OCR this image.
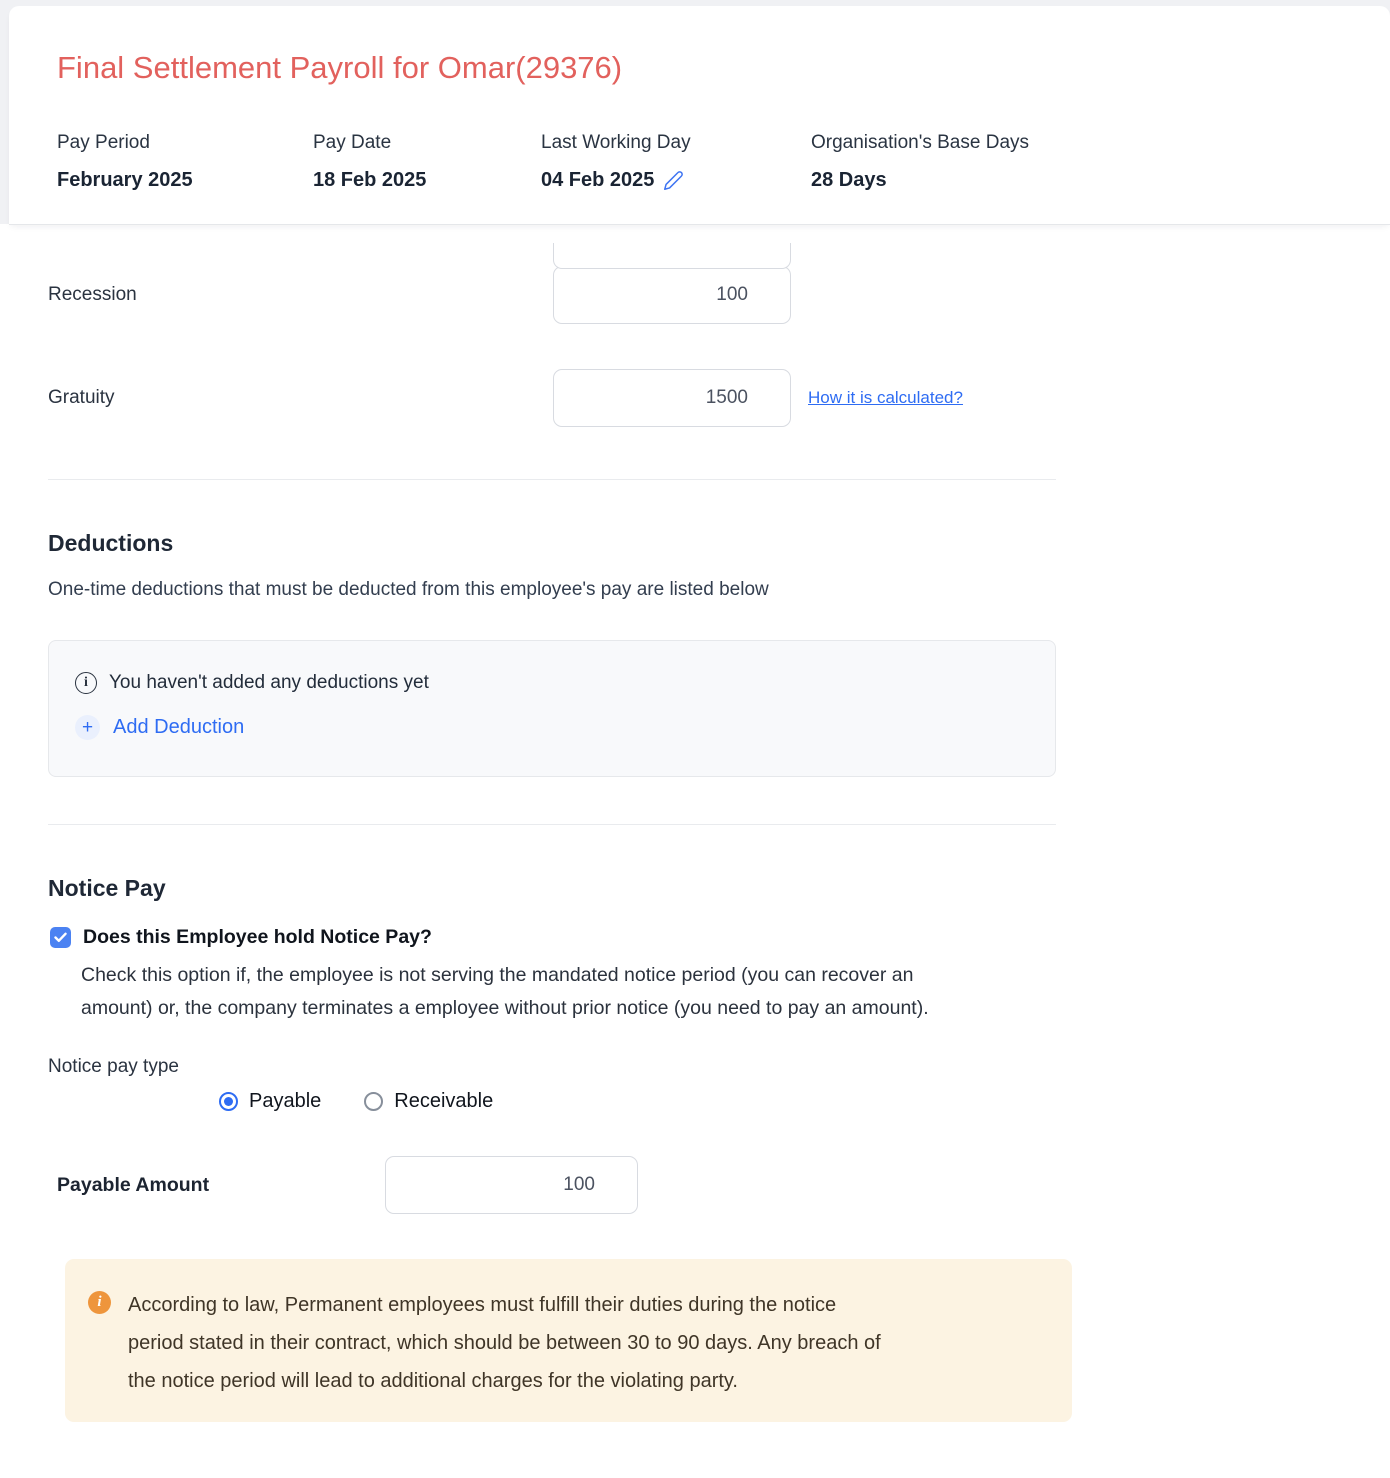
Final Settlement Payroll for Omar(29376)
Pay Period
February 2025
Pay Date
18 Feb 2025
Last Working Day
04 Feb 2025
Organisation's Base Days
28 Days
Recession	100
Gratuity	1500	How it is calculated?
Deductions
One-time deductions that must be deducted from this employee's pay are listed below
i	You haven't added any deductions yet
+ Add Deduction
Notice Pay
Does this Employee hold Notice Pay?
Check this option if, the employee is not serving the mandated notice period (you can recover an
amount) or, the company terminates a employee without prior notice (you need to pay an amount).
Notice pay type
Payable	Receivable
Payable Amount	100
i	According to law, Permanent employees must fulfill their duties during the notice
period stated in their contract, which should be between 30 to 90 days. Any breach of
the notice period will lead to additional charges for the violating party.
